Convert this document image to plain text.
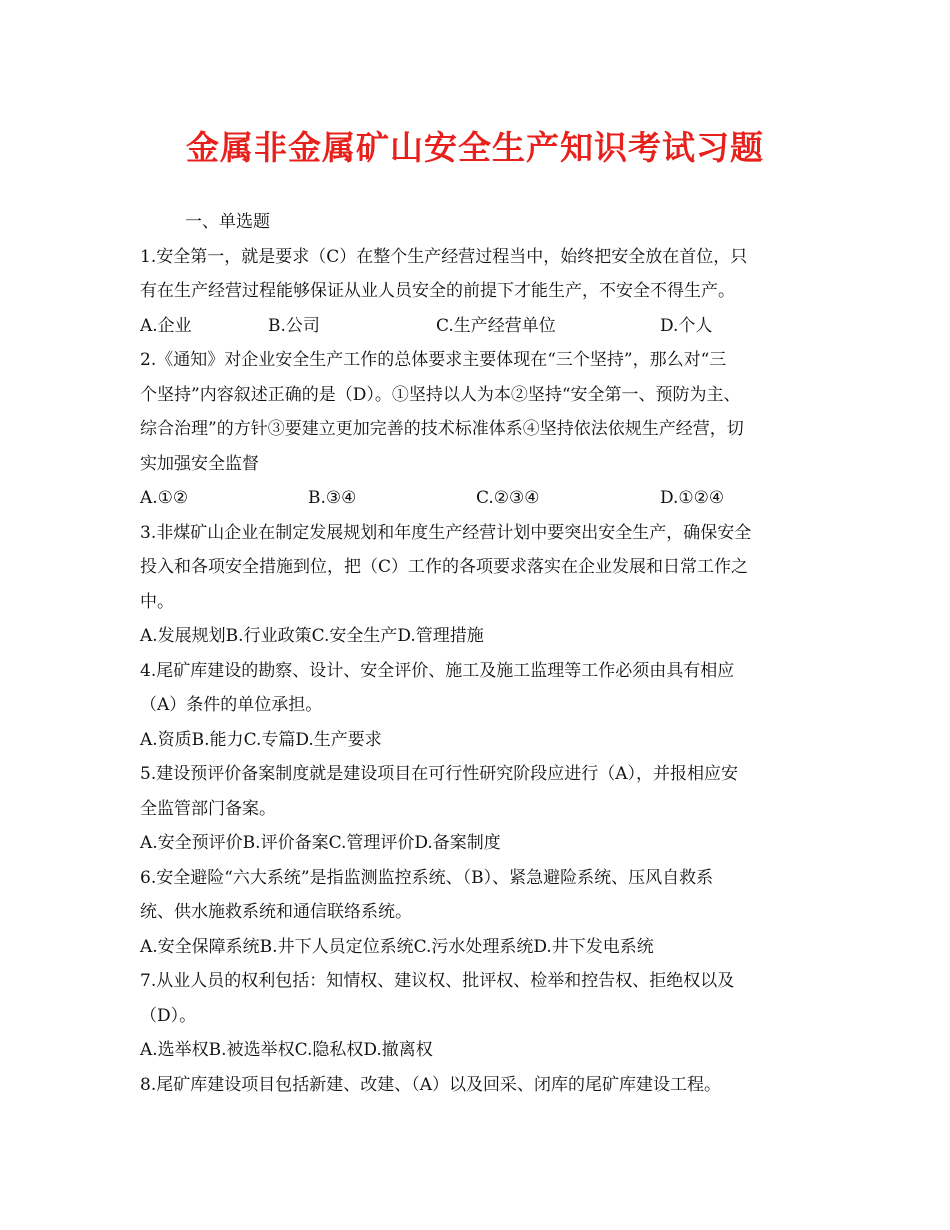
金属非金属矿山安全生产知识考试习题
一、单选题
1.安全第一，就是要求（C）在整个生产经营过程当中，始终把安全放在首位，只
有在生产经营过程能够保证从业人员安全的前提下才能生产，不安全不得生产。
A.企业	B.公司	C.生产经营单位	D.个人
2.《通知》对企业安全生产工作的总体要求主要体现在“三个坚持”，那么对“三
个坚持”内容叙述正确的是（D）。①坚持以人为本②坚持“安全第一、预防为主、
综合治理”的方针③要建立更加完善的技术标准体系④坚持依法依规生产经营，切
实加强安全监督
A.①②	B.③④	C.②③④	D.①②④
3.非煤矿山企业在制定发展规划和年度生产经营计划中要突出安全生产，确保安全
投入和各项安全措施到位，把（C）工作的各项要求落实在企业发展和日常工作之
中。
A.发展规划B.行业政策C.安全生产D.管理措施
4.尾矿库建设的勘察、设计、安全评价、施工及施工监理等工作必须由具有相应
（A）条件的单位承担。
A.资质B.能力C.专篇D.生产要求
5.建设预评价备案制度就是建设项目在可行性研究阶段应进行（A），并报相应安
全监管部门备案。
A.安全预评价B.评价备案C.管理评价D.备案制度
6.安全避险“六大系统”是指监测监控系统、（B）、紧急避险系统、压风自救系
统、供水施救系统和通信联络系统。
A.安全保障系统B.井下人员定位系统C.污水处理系统D.井下发电系统
7.从业人员的权利包括：知情权、建议权、批评权、检举和控告权、拒绝权以及
（D）。
A.选举权B.被选举权C.隐私权D.撤离权
8.尾矿库建设项目包括新建、改建、（A）以及回采、闭库的尾矿库建设工程。
